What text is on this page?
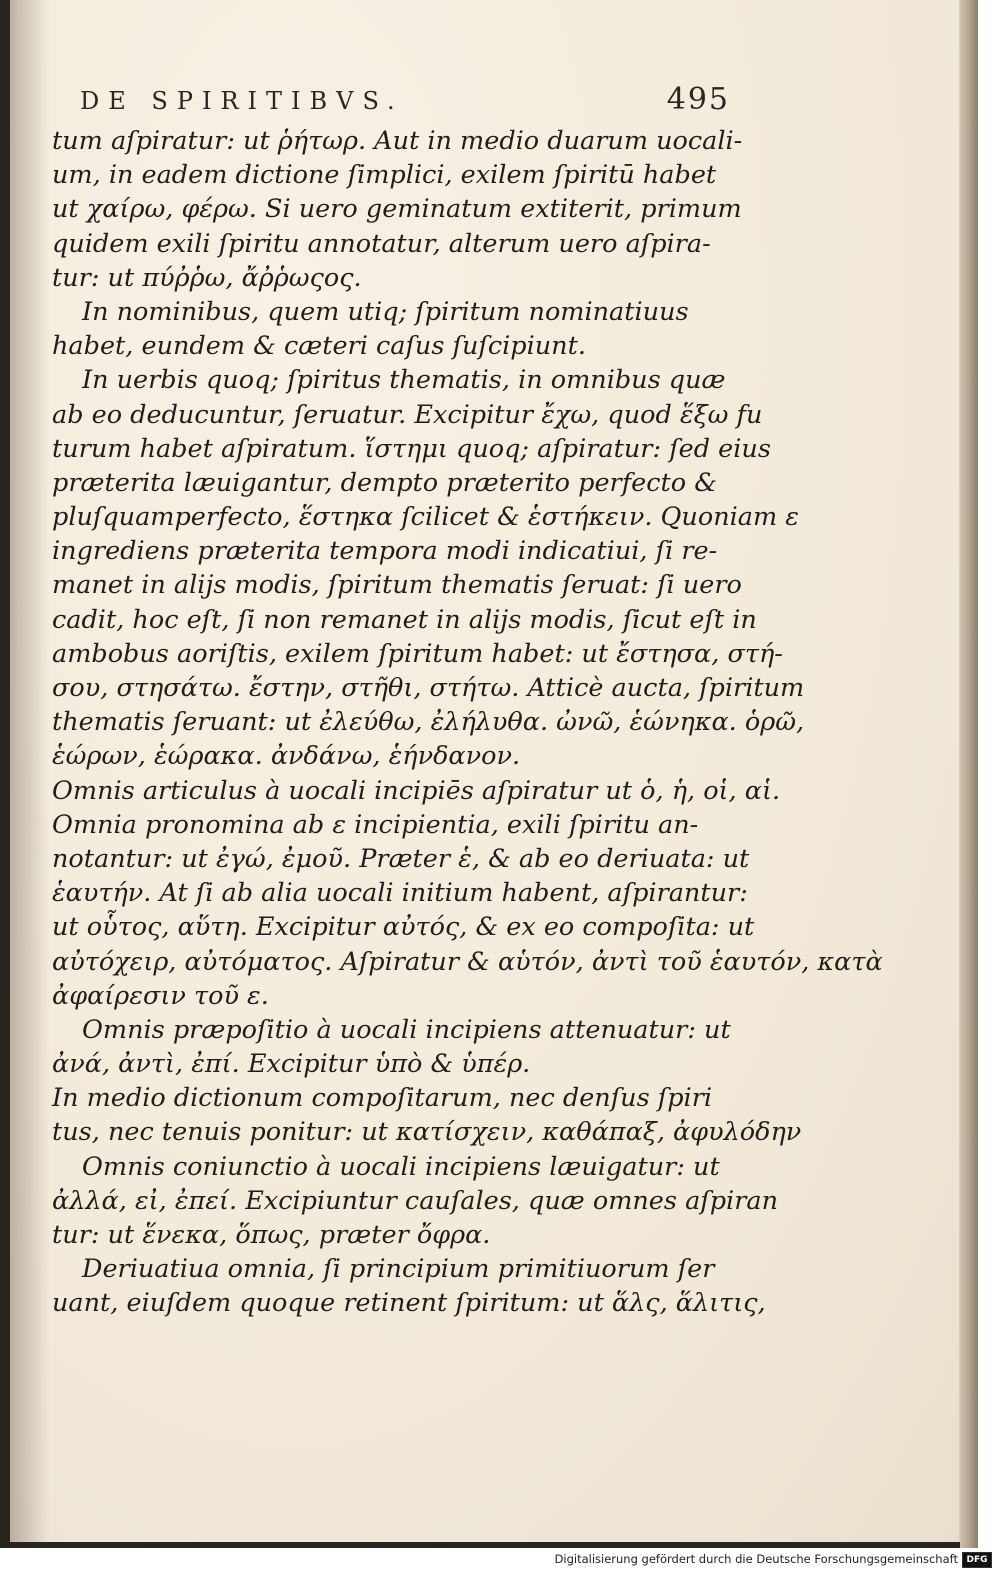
DE SPIRITIBVS.	495
tum aſpiratur: ut ῥήτωρ. Aut in medio duarum uocali-
um, in eadem dictione ſimplici, exilem ſpiritū habet
ut χαίρω, φέρω. Si uero geminatum extiterit, primum
quidem exili ſpiritu annotatur, alterum uero aſpira-
tur: ut πύῤῥω, ἄῤῥωςος.
In nominibus, quem utiq; ſpiritum nominatiuus
habet, eundem & cæteri caſus ſuſcipiunt.
In uerbis quoq; ſpiritus thematis, in omnibus quæ
ab eo deducuntur, ſeruatur. Excipitur ἔχω, quod ἕξω fu
turum habet aſpiratum. ἵστημι quoq; aſpiratur: ſed eius
præterita læuigantur, dempto præterito perfecto &
pluſquamperfecto, ἕστηκα ſcilicet & ἑστήκειν. Quoniam ε
ingrediens præterita tempora modi indicatiui, ſi re-
manet in alijs modis, ſpiritum thematis ſeruat: ſi uero
cadit, hoc eſt, ſi non remanet in alijs modis, ſicut eſt in
ambobus aoriſtis, exilem ſpiritum habet: ut ἔστησα, στή-
σου, στησάτω. ἔστην, στῆθι, στήτω. Atticè aucta, ſpiritum
thematis ſeruant: ut ἐλεύθω, ἐλήλυθα. ὠνῶ, ἑώνηκα. ὁρῶ,
ἑώρων, ἑώρακα. ἀνδάνω, ἑήνδανον.
Omnis articulus à uocali incipiēs aſpiratur ut ὁ, ἡ, οἱ, αἱ.
Omnia pronomina ab ε incipientia, exili ſpiritu an-
notantur: ut ἐγώ, ἐμοῦ. Præter ἑ, & ab eo deriuata: ut
ἑαυτήν. At ſi ab alia uocali initium habent, aſpirantur:
ut οὗτος, αὕτη. Excipitur αὐτός, & ex eo compoſita: ut
αὐτόχειρ, αὐτόματος. Aſpiratur & αὑτόν, ἀντὶ τοῦ ἑαυτόν, κατὰ
ἀφαίρεσιν τοῦ ε.
Omnis præpoſitio à uocali incipiens attenuatur: ut
ἀνά, ἀντὶ, ἐπί. Excipitur ὑπὸ & ὑπέρ.
In medio dictionum compoſitarum, nec denſus ſpiri
tus, nec tenuis ponitur: ut κατίσχειν, καθάπαξ, ἀφυλόδην
Omnis coniunctio à uocali incipiens læuigatur: ut
ἀλλά, εἰ, ἐπεί. Excipiuntur cauſales, quæ omnes aſpiran
tur: ut ἕνεκα, ὅπως, præter ὄφρα.
Deriuatiua omnia, ſi principium primitiuorum ſer
uant, eiuſdem quoque retinent ſpiritum: ut ἅλς, ἅλιτις,
Digitalisierung gefördert durch die Deutsche Forschungsgemeinschaft DFG
